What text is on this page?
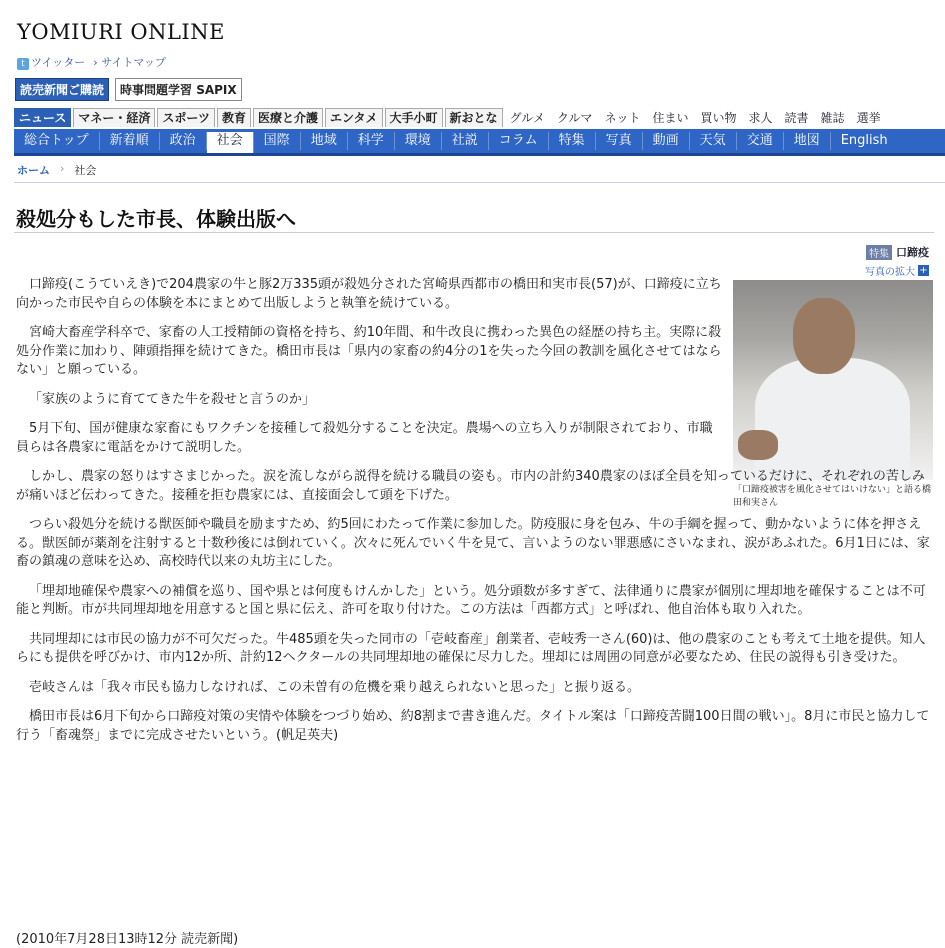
YOMIURI ONLINE
t ツイッター › サイトマップ
読売新聞ご購読	時事問題学習 SAPIX
ニュース	マネー・経済	スポーツ	教育	医療と介護	エンタメ	大手小町	新おとな	グルメ	クルマ	ネット	住まい	買い物	求人	読書	雑誌	選挙
総合トップ	新着順	政治	社会	国際	地域	科学	環境	社説	コラム	特集	写真	動画	天気	交通	地図	English
ホーム › 社会
殺処分もした市長、体験出版へ
特集 口蹄疫
写真の拡大 +
「口蹄疫被害を風化させてはいけない」と語る橋田和実さん

口蹄疫(こうていえき)で204農家の牛と豚2万335頭が殺処分された宮崎県西都市の橋田和実市長(57)が、口蹄疫に立ち向かった市民や自らの体験を本にまとめて出版しようと執筆を続けている。

宮崎大畜産学科卒で、家畜の人工授精師の資格を持ち、約10年間、和牛改良に携わった異色の経歴の持ち主。実際に殺処分作業に加わり、陣頭指揮を続けてきた。橋田市長は「県内の家畜の約4分の1を失った今回の教訓を風化させてはならない」と願っている。

「家族のように育ててきた牛を殺せと言うのか」

5月下旬、国が健康な家畜にもワクチンを接種して殺処分することを決定。農場への立ち入りが制限されており、市職員らは各農家に電話をかけて説明した。

しかし、農家の怒りはすさまじかった。涙を流しながら説得を続ける職員の姿も。市内の計約340農家のほぼ全員を知っているだけに、それぞれの苦しみが痛いほど伝わってきた。接種を拒む農家には、直接面会して頭を下げた。

つらい殺処分を続ける獣医師や職員を励ますため、約5回にわたって作業に参加した。防疫服に身を包み、牛の手綱を握って、動かないように体を押さえる。獣医師が薬剤を注射すると十数秒後には倒れていく。次々に死んでいく牛を見て、言いようのない罪悪感にさいなまれ、涙があふれた。6月1日には、家畜の鎮魂の意味を込め、高校時代以来の丸坊主にした。

「埋却地確保や農家への補償を巡り、国や県とは何度もけんかした」という。処分頭数が多すぎて、法律通りに農家が個別に埋却地を確保することは不可能と判断。市が共同埋却地を用意すると国と県に伝え、許可を取り付けた。この方法は「西都方式」と呼ばれ、他自治体も取り入れた。

共同埋却には市民の協力が不可欠だった。牛485頭を失った同市の「壱岐畜産」創業者、壱岐秀一さん(60)は、他の農家のことも考えて土地を提供。知人らにも提供を呼びかけ、市内12か所、計約12ヘクタールの共同埋却地の確保に尽力した。埋却には周囲の同意が必要なため、住民の説得も引き受けた。

壱岐さんは「我々市民も協力しなければ、この未曽有の危機を乗り越えられないと思った」と振り返る。

橋田市長は6月下旬から口蹄疫対策の実情や体験をつづり始め、約8割まで書き進んだ。タイトル案は「口蹄疫苦闘100日間の戦い」。8月に市民と協力して行う「畜魂祭」までに完成させたいという。(帆足英夫)

(2010年7月28日13時12分 読売新聞)
